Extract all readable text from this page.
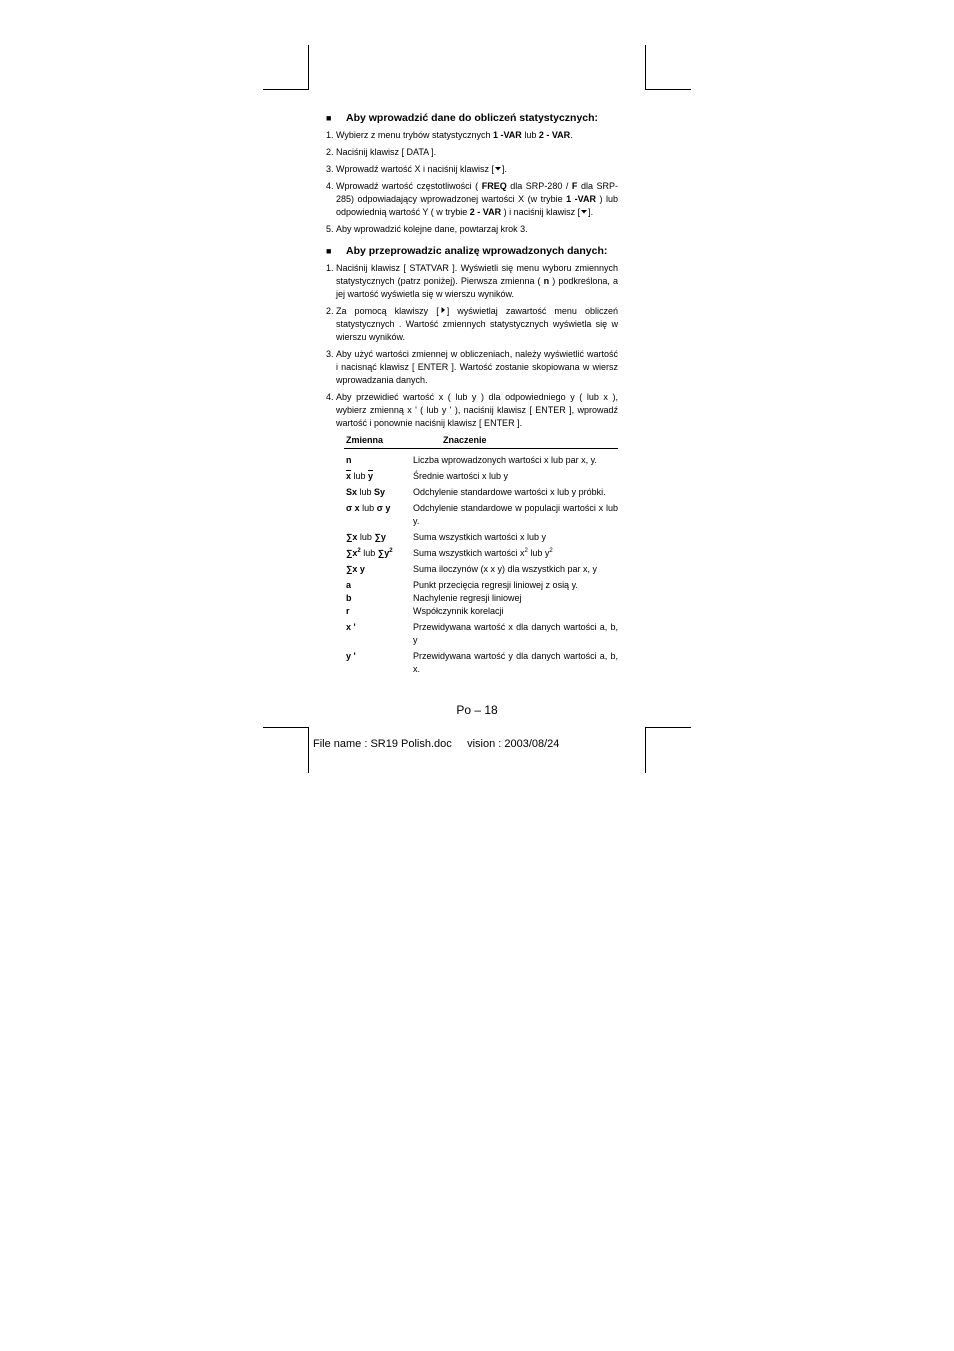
■	Aby wprowadzić dane do obliczeń statystycznych:
1. Wybierz z menu trybów statystycznych 1 -VAR lub 2 - VAR.
2. Naciśnij klawisz [ DATA ].
3. Wprowadź wartość X i naciśnij klawisz [ ].
4. Wprowadź wartość częstotliwości ( FREQ dla SRP-280 / F dla SRP-285) odpowiadający wprowadzonej wartości X (w trybie 1 -VAR ) lub odpowiednią wartość Y ( w trybie 2 - VAR ) i naciśnij klawisz [ ].
5. Aby wprowadzić kolejne dane, powtarzaj krok 3.
■	Aby przeprowadzic analizę wprowadzonych danych:
1. Naciśnij klawisz [ STATVAR ]. Wyświetli się menu wyboru zmiennych statystycznych (patrz poniżej). Pierwsza zmienna ( n ) podkreślona, a jej wartość wyświetla się w wierszu wyników.
2. Za pomocą klawiszy [ ] wyświetlaj zawartość menu obliczeń statystycznych . Wartość zmiennych statystycznych wyświetla się w wierszu wyników.
3. Aby użyć wartości zmiennej w obliczeniach, należy wyświetlić wartość i nacisnąć klawisz [ ENTER ]. Wartość zostanie skopiowana w wiersz wprowadzania danych.
4. Aby przewidieć wartość x ( lub y ) dla odpowiedniego y ( lub x ), wybierz zmienną x ' ( lub y ' ), naciśnij klawisz [ ENTER ], wprowadź wartość i ponownie naciśnij klawisz [ ENTER ].
Zmienna	Znaczenie
n	Liczba wprowadzonych wartości x lub par x, y.
$\overline{x}$ lub $\overline{y}$	Średnie wartości x lub y
Sx lub Sy	Odchylenie standardowe wartości x lub y próbki.
σ x lub σ y	Odchylenie standardowe w populacji wartości x lub y.
∑x lub ∑y	Suma wszystkich wartości x lub y
$\sum x^2$ lub $\sum y^2$	Suma wszystkich wartości $x^2$ lub $y^2$
∑x y	Suma iloczynów (x x y) dla wszystkich par x, y
a	Punkt przecięcia regresji liniowej z osią y.
b	Nachylenie regresji liniowej
r	Współczynnik korelacji
x '	Przewidywana wartość x dla danych wartości a, b, y
y '	Przewidywana wartość y dla danych wartości a, b, x.
Po – 18
File name : SR19 Polish.doc     vision : 2003/08/24
